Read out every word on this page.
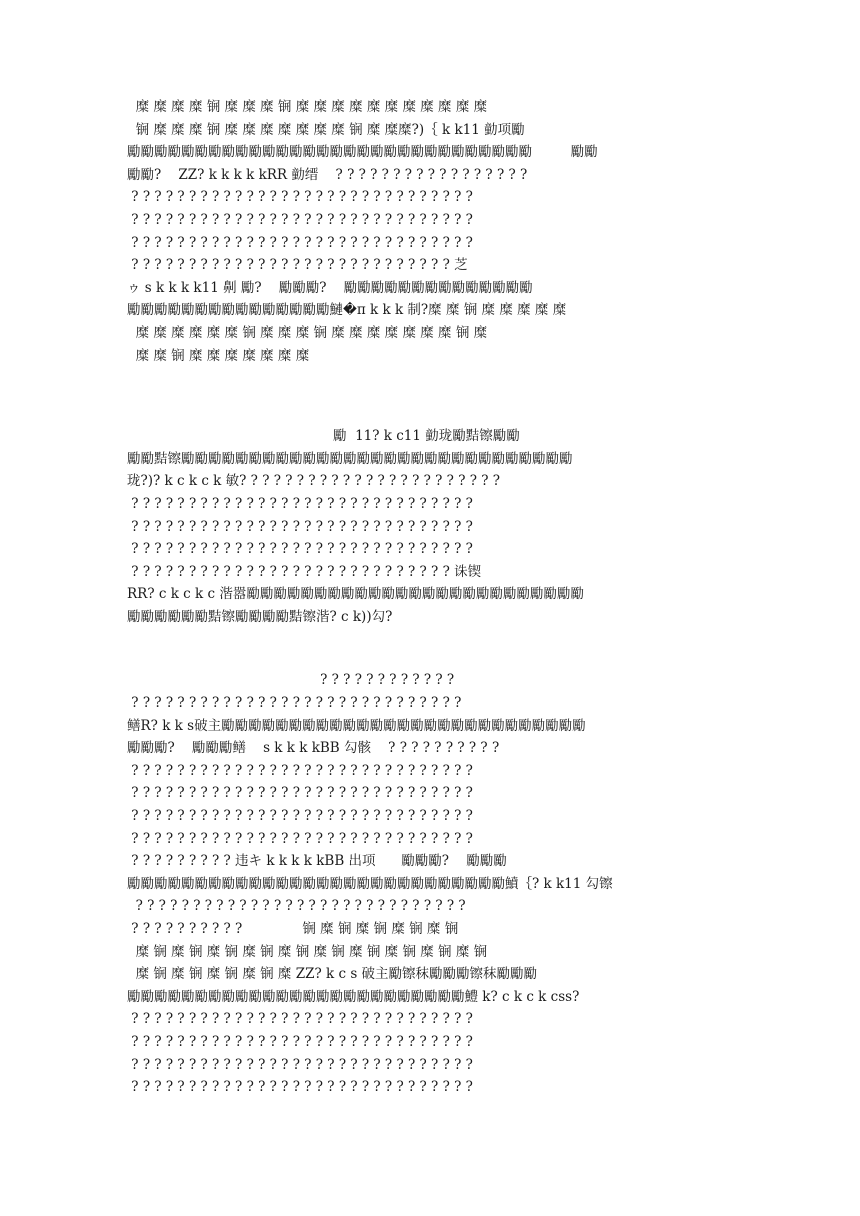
糜 糜 糜 糜 锎 糜 糜 糜 锎 糜 糜 糜 糜 糜 糜 糜 糜 糜 糜 糜
锎 糜 糜 糜 锎 糜 糜 糜 糜 糜 糜 糜 锎 糜 糜糜?)｛ k k11 勭项勵
勵勵勵勵勵勵勵勵勵勵勵勵勵勵勵勵勵勵勵勵勵勵勵勵勵勵勵勵勵勵         勵勵
勵勵?    ZZ? k k k k kRR 勭缙    ? ? ? ? ? ? ? ? ? ? ? ? ? ? ? ? ?
? ? ? ? ? ? ? ? ? ? ? ? ? ? ? ? ? ? ? ? ? ? ? ? ? ? ? ? ? ?
? ? ? ? ? ? ? ? ? ? ? ? ? ? ? ? ? ? ? ? ? ? ? ? ? ? ? ? ? ?
? ? ? ? ? ? ? ? ? ? ? ? ? ? ? ? ? ? ? ? ? ? ? ? ? ? ? ? ? ?
? ? ? ? ? ? ? ? ? ? ? ? ? ? ? ? ? ? ? ? ? ? ? ? ? ? ? ? 芝
ゥ s k k k k11 劓 勵?    勵勵勵?    勵勵勵勵勵勵勵勵勵勵勵勵勵勵
勵勵勵勵勵勵勵勵勵勵勵勵勵勵勵鰱�π k k k 制?糜 糜 锎 糜 糜 糜 糜 糜
糜 糜 糜 糜 糜 糜 锎 糜 糜 糜 锎 糜 糜 糜 糜 糜 糜 糜 锎 糜
糜 糜 锎 糜 糜 糜 糜 糜 糜 糜

勵  11? k c11 勭珑勵黠镲勵勵
勵勵黠镲勵勵勵勵勵勵勵勵勵勵勵勵勵勵勵勵勵勵勵勵勵勵勵勵勵勵勵勵勵
珑?)? k c k c k 敏? ? ? ? ? ? ? ? ? ? ? ? ? ? ? ? ? ? ? ? ? ? ?
? ? ? ? ? ? ? ? ? ? ? ? ? ? ? ? ? ? ? ? ? ? ? ? ? ? ? ? ? ?
? ? ? ? ? ? ? ? ? ? ? ? ? ? ? ? ? ? ? ? ? ? ? ? ? ? ? ? ? ?
? ? ? ? ? ? ? ? ? ? ? ? ? ? ? ? ? ? ? ? ? ? ? ? ? ? ? ? ? ?
? ? ? ? ? ? ? ? ? ? ? ? ? ? ? ? ? ? ? ? ? ? ? ? ? ? ? ? 诛锲
RR? c k c k c 湝嚣勵勵勵勵勵勵勵勵勵勵勵勵勵勵勵勵勵勵勵勵勵勵勵勵勵
勵勵勵勵勵勵黠镲勵勵勵勵黠镲湝? c k))勾?

? ? ? ? ? ? ? ? ? ? ? ?
? ? ? ? ? ? ? ? ? ? ? ? ? ? ? ? ? ? ? ? ? ? ? ? ? ? ? ? ?
鳝R? k k s破主勵勵勵勵勵勵勵勵勵勵勵勵勵勵勵勵勵勵勵勵勵勵勵勵勵勵勵
勵勵勵?    勵勵勵鳝    s k k k kBB 勾骸    ? ? ? ? ? ? ? ? ? ?
? ? ? ? ? ? ? ? ? ? ? ? ? ? ? ? ? ? ? ? ? ? ? ? ? ? ? ? ? ?
? ? ? ? ? ? ? ? ? ? ? ? ? ? ? ? ? ? ? ? ? ? ? ? ? ? ? ? ? ?
? ? ? ? ? ? ? ? ? ? ? ? ? ? ? ? ? ? ? ? ? ? ? ? ? ? ? ? ? ?
? ? ? ? ? ? ? ? ? ? ? ? ? ? ? ? ? ? ? ? ? ? ? ? ? ? ? ? ? ?
? ? ? ? ? ? ? ? ? 违キ k k k k kBB 出项      勵勵勵?    勵勵勵
勵勵勵勵勵勵勵勵勵勵勵勵勵勵勵勵勵勵勵勵勵勵勵勵勵勵勵勵鱝｛? k k11 勾镲
? ? ? ? ? ? ? ? ? ? ? ? ? ? ? ? ? ? ? ? ? ? ? ? ? ? ? ? ?
? ? ? ? ? ? ? ? ? ?              锎 糜 锎 糜 锎 糜 锎 糜 锎
糜 锎 糜 锎 糜 锎 糜 锎 糜 锎 糜 锎 糜 锎 糜 锎 糜 锎 糜 锎
糜 锎 糜 锎 糜 锎 糜 锎 糜 ZZ? k c s 破主勵镲秣勵勵勵镲秣勵勵勵
勵勵勵勵勵勵勵勵勵勵勵勵勵勵勵勵勵勵勵勵勵勵勵勵勵鱧 k? c k c k css?
? ? ? ? ? ? ? ? ? ? ? ? ? ? ? ? ? ? ? ? ? ? ? ? ? ? ? ? ? ?
? ? ? ? ? ? ? ? ? ? ? ? ? ? ? ? ? ? ? ? ? ? ? ? ? ? ? ? ? ?
? ? ? ? ? ? ? ? ? ? ? ? ? ? ? ? ? ? ? ? ? ? ? ? ? ? ? ? ? ?
? ? ? ? ? ? ? ? ? ? ? ? ? ? ? ? ? ? ? ? ? ? ? ? ? ? ? ? ? ?
